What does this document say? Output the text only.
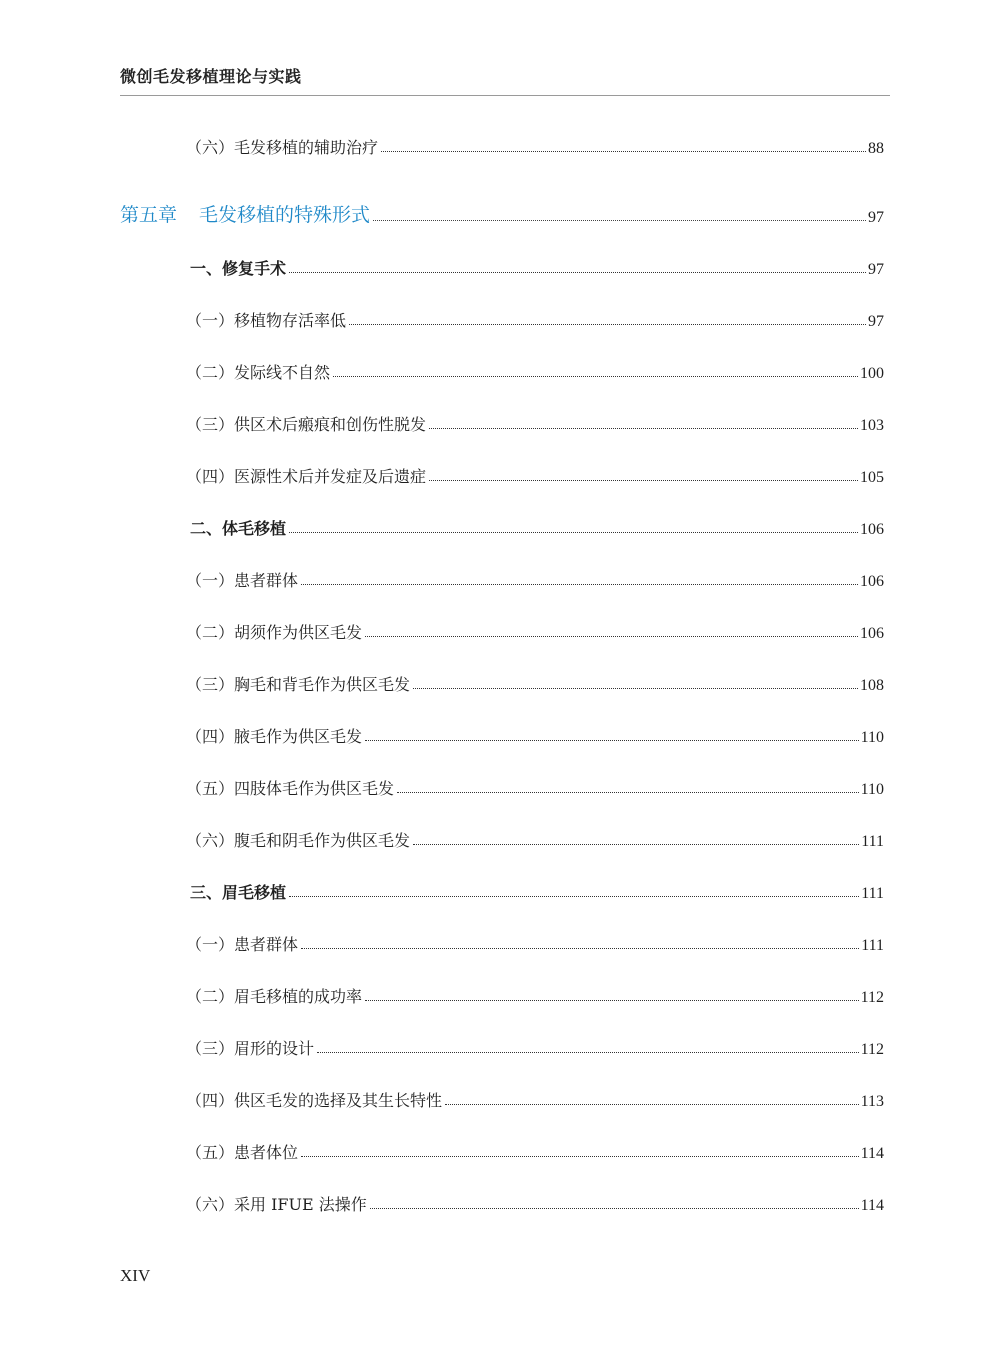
微创毛发移植理论与实践
（六）毛发移植的辅助治疗	88
第五章 毛发移植的特殊形式	97
一、修复手术	97
（一）移植物存活率低	97
（二）发际线不自然	100
（三）供区术后瘢痕和创伤性脱发	103
（四）医源性术后并发症及后遗症	105
二、体毛移植	106
（一）患者群体	106
（二）胡须作为供区毛发	106
（三）胸毛和背毛作为供区毛发	108
（四）腋毛作为供区毛发	110
（五）四肢体毛作为供区毛发	110
（六）腹毛和阴毛作为供区毛发	111
三、眉毛移植	111
（一）患者群体	111
（二）眉毛移植的成功率	112
（三）眉形的设计	112
（四）供区毛发的选择及其生长特性	113
（五）患者体位	114
（六）采用 IFUE 法操作	114
XIV
